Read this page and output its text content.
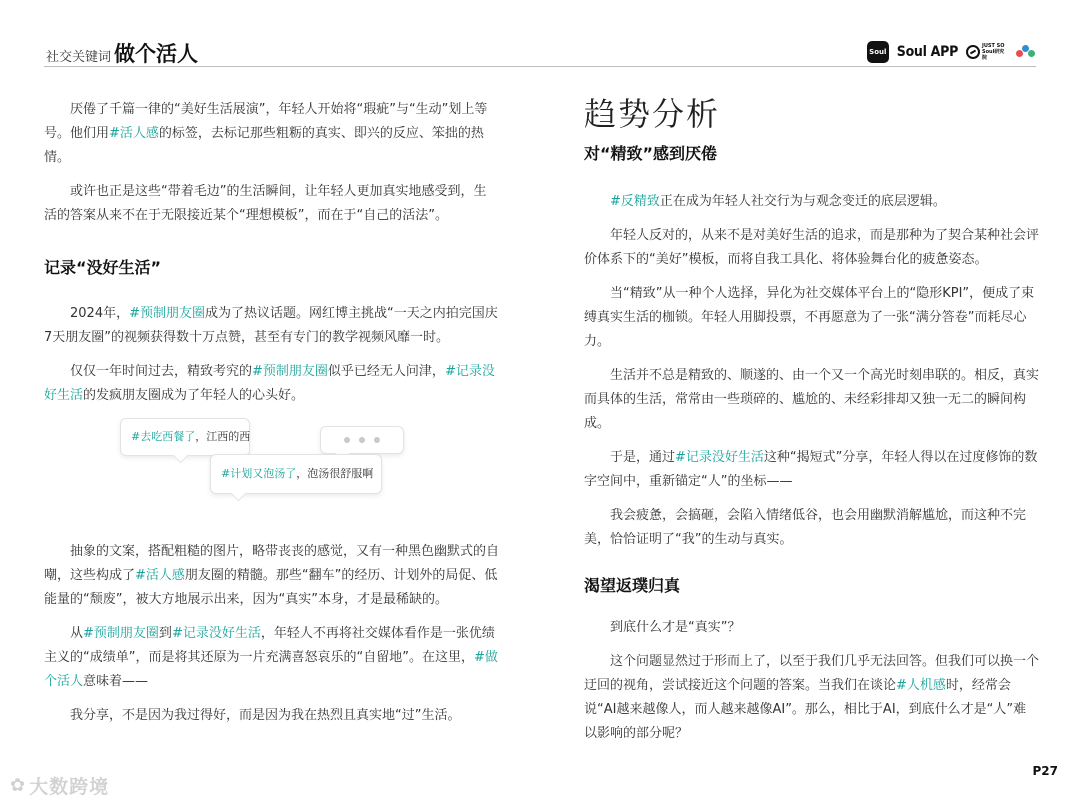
社交关键词 做个活人	Soul Soul APP	JUST SO Soul研究院

厌倦了千篇一律的“美好生活展演”，年轻人开始将“瑕疵”与“生动”划上等号。他们用#活人感的标签，去标记那些粗粝的真实、即兴的反应、笨拙的热情。

或许也正是这些“带着毛边”的生活瞬间，让年轻人更加真实地感受到，生活的答案从来不在于无限接近某个“理想模板”，而在于“自己的活法”。

记录“没好生活”

2024年，#预制朋友圈成为了热议话题。网红博主挑战“一天之内拍完国庆7天朋友圈”的视频获得数十万点赞，甚至有专门的教学视频风靡一时。

仅仅一年时间过去，精致考究的#预制朋友圈似乎已经无人问津，#记录没好生活的发疯朋友圈成为了年轻人的心头好。

#去吃西餐了 ，江西的西
#计划又泡汤了 ，泡汤很舒服啊

抽象的文案，搭配粗糙的图片，略带丧丧的感觉，又有一种黑色幽默式的自嘲，这些构成了#活人感朋友圈的精髓。那些“翻车”的经历、计划外的局促、低能量的“颓废”，被大方地展示出来，因为“真实”本身，才是最稀缺的。

从#预制朋友圈到#记录没好生活，年轻人不再将社交媒体看作是一张优绩主义的“成绩单”，而是将其还原为一片充满喜怒哀乐的“自留地”。在这里，#做个活人意味着——

我分享，不是因为我过得好，而是因为我在热烈且真实地“过”生活。

趋势分析
对“精致”感到厌倦

#反精致正在成为年轻人社交行为与观念变迁的底层逻辑。

年轻人反对的，从来不是对美好生活的追求，而是那种为了契合某种社会评价体系下的“美好”模板，而将自我工具化、将体验舞台化的疲惫姿态。

当“精致”从一种个人选择，异化为社交媒体平台上的“隐形KPI”，便成了束缚真实生活的枷锁。年轻人用脚投票，不再愿意为了一张“满分答卷”而耗尽心力。

生活并不总是精致的、顺遂的、由一个又一个高光时刻串联的。相反，真实而具体的生活，常常由一些琐碎的、尴尬的、未经彩排却又独一无二的瞬间构成。

于是，通过#记录没好生活这种“揭短式”分享，年轻人得以在过度修饰的数字空间中，重新锚定“人”的坐标——

我会疲惫，会搞砸，会陷入情绪低谷，也会用幽默消解尴尬，而这种不完美，恰恰证明了“我”的生动与真实。

渴望返璞归真

到底什么才是“真实”？

这个问题显然过于形而上了，以至于我们几乎无法回答。但我们可以换一个迂回的视角，尝试接近这个问题的答案。当我们在谈论#人机感时，经常会说“AI越来越像人，而人越来越像AI”。那么，相比于AI，到底什么才是“人”难以影响的部分呢？

P27
✿ 大数跨境
